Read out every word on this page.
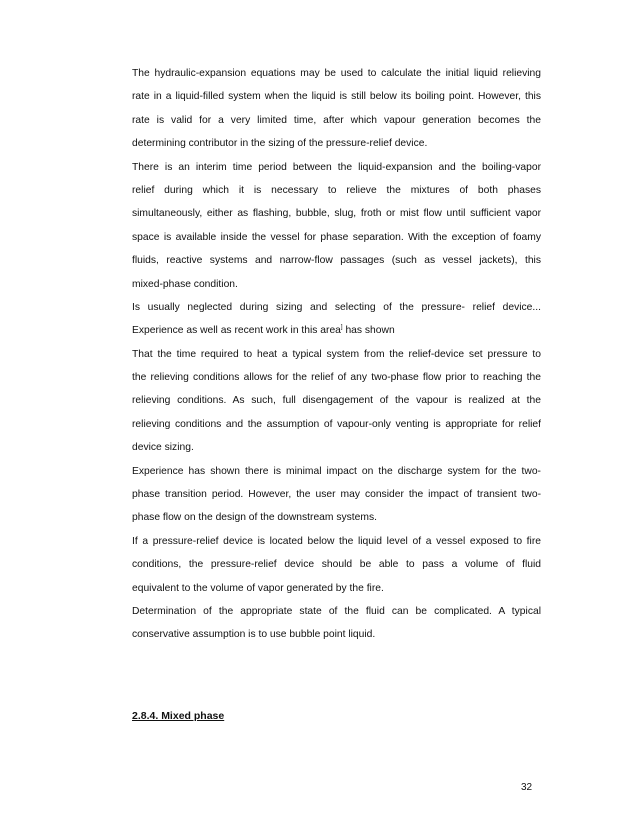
The hydraulic-expansion equations may be used to calculate the initial liquid relieving

rate in a liquid-filled system when the liquid is still below its boiling point. However, this

rate is valid for a very limited time, after which vapour generation becomes the

determining contributor in the sizing of the pressure-relief device.

There is an interim time period between the liquid-expansion and the boiling-vapor

relief during which it is necessary to relieve the mixtures of both phases

simultaneously, either as flashing, bubble, slug, froth or mist flow until sufficient vapor

space is available inside the vessel for phase separation. With the exception of foamy

fluids, reactive systems and narrow-flow passages (such as vessel jackets), this

mixed-phase condition.

Is usually neglected during sizing and selecting of the pressure- relief device...

Experience as well as recent work in this area] has shown

That the time required to heat a typical system from the relief-device set pressure to

the relieving conditions allows for the relief of any two-phase flow prior to reaching the

relieving conditions. As such, full disengagement of the vapour is realized at the

relieving conditions and the assumption of vapour-only venting is appropriate for relief

device sizing.

Experience has shown there is minimal impact on the discharge system for the two-

phase transition period. However, the user may consider the impact of transient two-

phase flow on the design of the downstream systems.

If a pressure-relief device is located below the liquid level of a vessel exposed to fire

conditions, the pressure-relief device should be able to pass a volume of fluid

equivalent to the volume of vapor generated by the fire.

Determination of the appropriate state of the fluid can be complicated. A typical

conservative assumption is to use bubble point liquid.

2.8.4. Mixed phase
32
